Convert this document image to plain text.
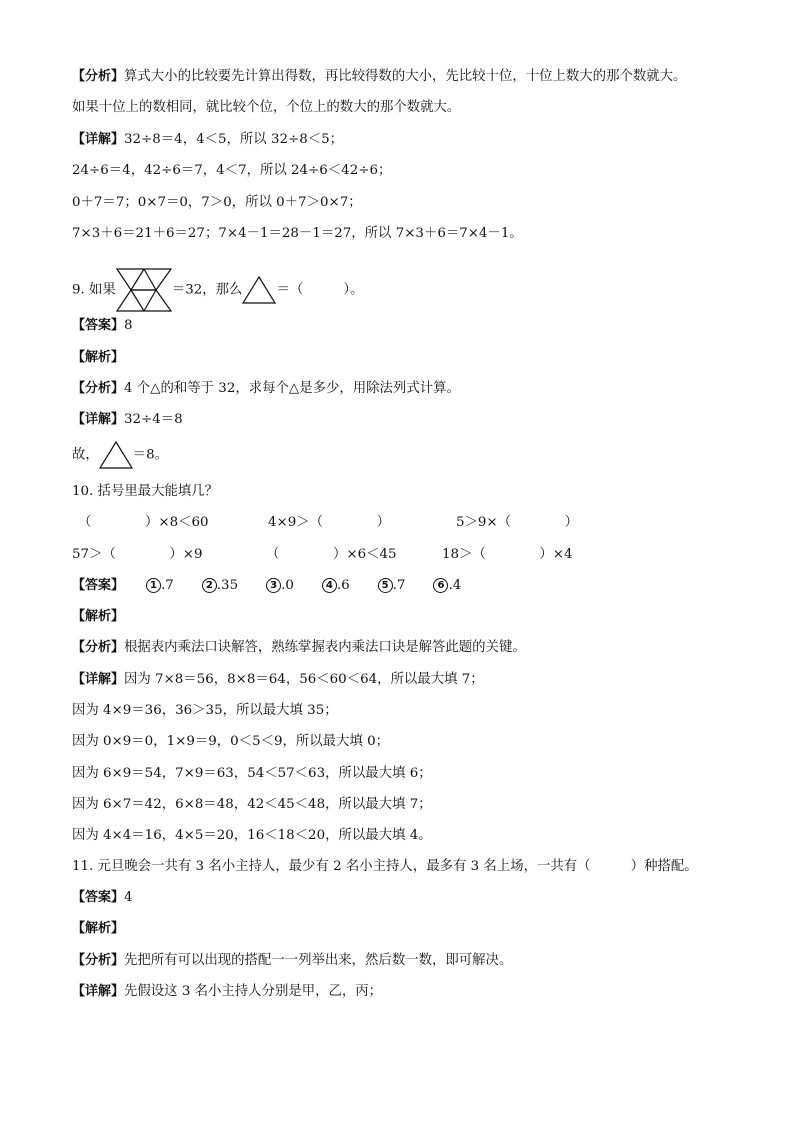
【分析】算式大小的比较要先计算出得数，再比较得数的大小，先比较十位，十位上数大的那个数就大。
如果十位上的数相同，就比较个位，个位上的数大的那个数就大。
【详解】32÷8＝4，4＜5，所以 32÷8＜5；
24÷6＝4，42÷6＝7，4＜7，所以 24÷6＜42÷6；
0＋7＝7；0×7＝0，7＞0，所以 0＋7＞0×7；
7×3＋6＝21＋6＝27；7×4－1＝28－1＝27，所以 7×3＋6＝7×4－1。
9. 如果	＝32，那么	＝（　　　）。
【答案】8
【解析】
【分析】4 个△的和等于 32，求每个△是多少，用除法列式计算。
【详解】32÷4＝8
故，	＝8。
10. 括号里最大能填几？
（　　　　）×8＜60	4×9＞（　　　　）	5＞9×（　　　　）
57＞（　　　　）×9	（　　　　）×6＜45	18＞（　　　　）×4
【答案】	1 .7	2 .35	3 .0	4 .6	5 .7	6 .4
【解析】
【分析】根据表内乘法口诀解答，熟练掌握表内乘法口诀是解答此题的关键。
【详解】因为 7×8＝56，8×8＝64，56＜60＜64，所以最大填 7；
因为 4×9＝36，36＞35，所以最大填 35；
因为 0×9＝0，1×9＝9，0＜5＜9，所以最大填 0；
因为 6×9＝54，7×9＝63，54＜57＜63，所以最大填 6；
因为 6×7＝42，6×8＝48，42＜45＜48，所以最大填 7；
因为 4×4＝16，4×5＝20，16＜18＜20，所以最大填 4。
11. 元旦晚会一共有 3 名小主持人，最少有 2 名小主持人，最多有 3 名上场，一共有（　　　）种搭配。
【答案】4
【解析】
【分析】先把所有可以出现的搭配一一列举出来，然后数一数，即可解决。
【详解】先假设这 3 名小主持人分别是甲，乙，丙；
